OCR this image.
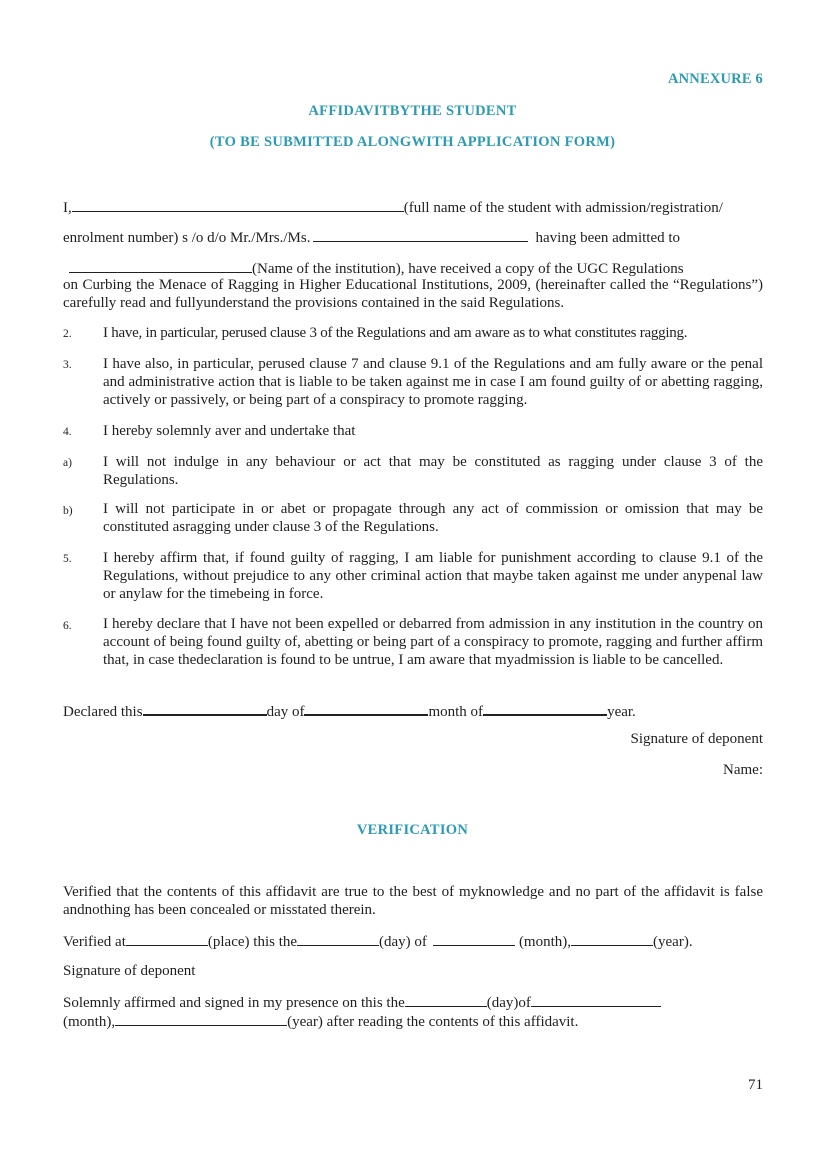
ANNEXURE 6
AFFIDAVITBYTHE STUDENT
(TO BE SUBMITTED ALONGWITH APPLICATION FORM)
I,	(full name of the student with admission/registration/
enrolment number) s /o d/o Mr./Mrs./Ms.	having been admitted to
(Name of the institution), have received a copy of the UGC Regulations
on Curbing the Menace of Ragging in Higher Educational Institutions, 2009, (hereinafter called the “Regulations”) carefully read and fullyunderstand the provisions contained in the said Regulations.
2. I have, in particular, perused clause 3 of the Regulations and am aware as to what constitutes ragging.
3. I have also, in particular, perused clause 7 and clause 9.1 of the Regulations and am fully aware or the penal and administrative action that is liable to be taken against me in case I am found guilty of or abetting ragging, actively or passively, or being part of a conspiracy to promote ragging.
4. I hereby solemnly aver and undertake that
a) I will not indulge in any behaviour or act that may be constituted as ragging under clause 3 of the Regulations.
b) I will not participate in or abet or propagate through any act of commission or omission that may be constituted asragging under clause 3 of the Regulations.
5. I hereby affirm that, if found guilty of ragging, I am liable for punishment according to clause 9.1 of the Regulations, without prejudice to any other criminal action that maybe taken against me under anypenal law or anylaw for the timebeing in force.
6. I hereby declare that I have not been expelled or debarred from admission in any institution in the country on account of being found guilty of, abetting or being part of a conspiracy to promote, ragging and further affirm that, in case thedeclaration is found to be untrue, I am aware that myadmission is liable to be cancelled.
Declared this	day of	month of	year.
Signature of deponent
Name:
VERIFICATION
Verified that the contents of this affidavit are true to the best of myknowledge and no part of the affidavit is false andnothing has been concealed or misstated therein.
Verified at	(place) this the	(day) of	(month),	(year).
Signature of deponent
Solemnly affirmed and signed in my presence on this the	(day)of
(month),	(year) after reading the contents of this affidavit.
71
